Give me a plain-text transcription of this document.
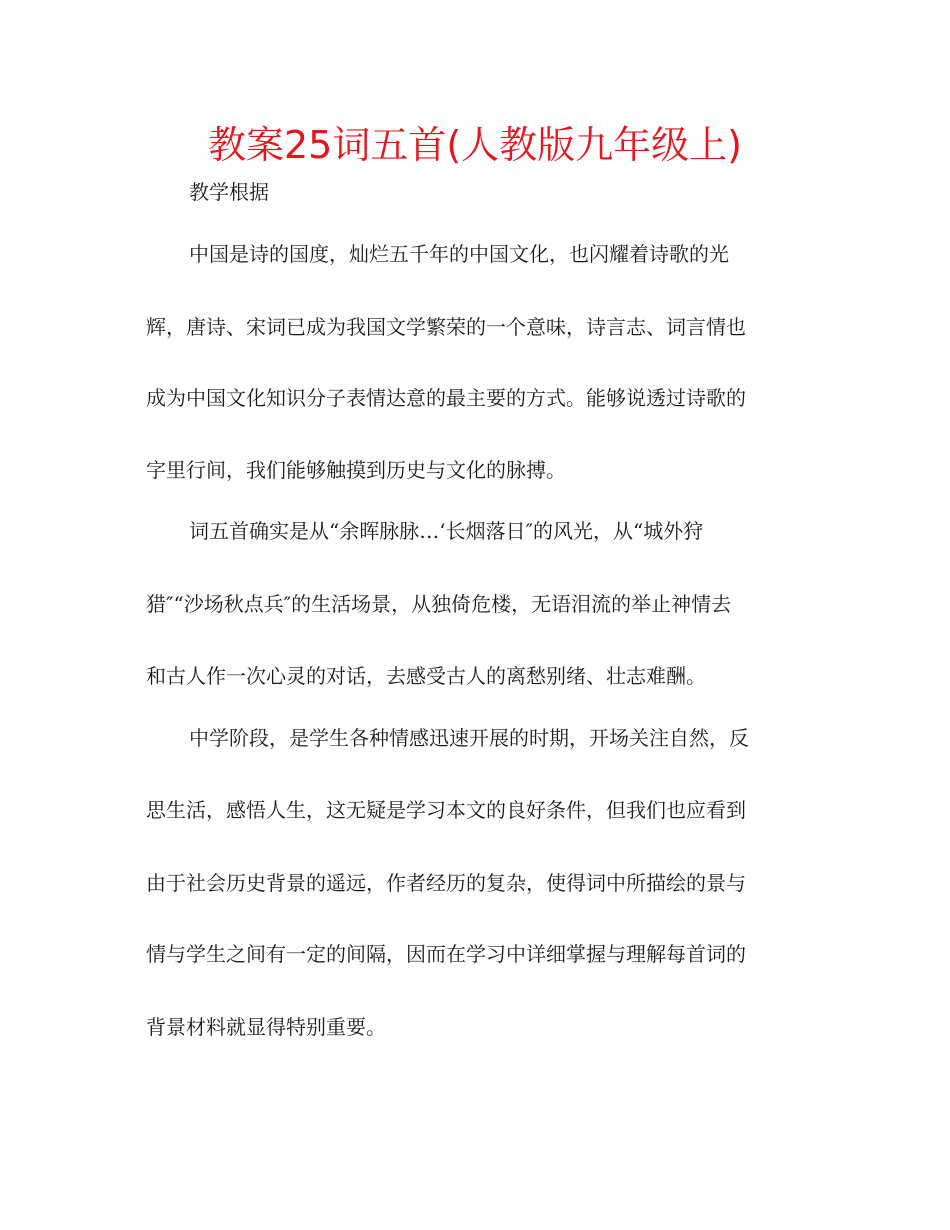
教案25词五首(人教版九年级上)
教学根据
中国是诗的国度，灿烂五千年的中国文化，也闪耀着诗歌的光
辉，唐诗、宋词已成为我国文学繁荣的一个意味，诗言志、词言情也
成为中国文化知识分子表情达意的最主要的方式。能够说透过诗歌的
字里行间，我们能够触摸到历史与文化的脉搏。
词五首确实是从“余晖脉脉…‘长烟落日″的风光，从“城外狩
猎″“沙场秋点兵″的生活场景，从独倚危楼，无语泪流的举止神情去
和古人作一次心灵的对话，去感受古人的离愁别绪、壮志难酬。
中学阶段，是学生各种情感迅速开展的时期，开场关注自然，反
思生活，感悟人生，这无疑是学习本文的良好条件，但我们也应看到
由于社会历史背景的遥远，作者经历的复杂，使得词中所描绘的景与
情与学生之间有一定的间隔，因而在学习中详细掌握与理解每首词的
背景材料就显得特别重要。
